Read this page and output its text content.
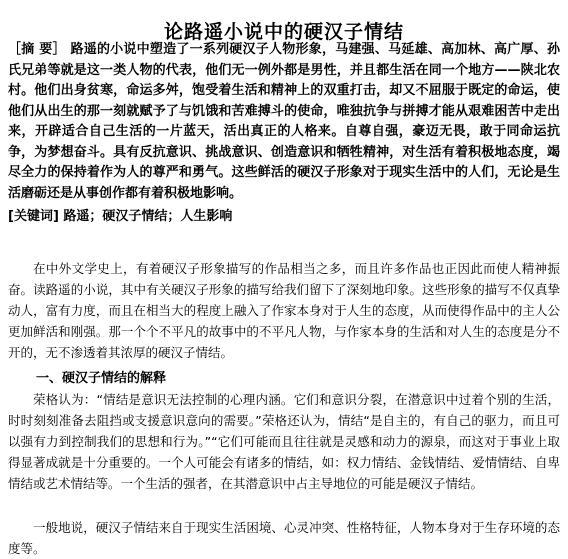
论路遥小说中的硬汉子情结

［摘 要］ 路遥的小说中塑造了一系列硬汉子人物形象，马建强、马延雄、高加林、高广厚、孙氏兄弟等就是这一类人物的代表，他们无一例外都是男性，并且都生活在同一个地方——陕北农村。他们出身贫寒，命运多舛，饱受着生活和精神上的双重打击，却又不屈服于既定的命运，使他们从出生的那一刻就赋予了与饥饿和苦难搏斗的使命，唯独抗争与拼搏才能从艰难困苦中走出来，开辟适合自己生活的一片蓝天，活出真正的人格来。自尊自强，豪迈无畏，敢于同命运抗争，为梦想奋斗。具有反抗意识、挑战意识、创造意识和牺牲精神，对生活有着积极地态度，竭尽全力的保持着作为人的尊严和勇气。这些鲜活的硬汉子形象对于现实生活中的人们，无论是生活磨砺还是从事创作都有着积极地影响。

[关键词] 路遥；硬汉子情结；人生影响

在中外文学史上，有着硬汉子形象描写的作品相当之多，而且许多作品也正因此而使人精神振奋。读路遥的小说，其中有关硬汉子形象的描写给我们留下了深刻地印象。这些形象的描写不仅真挚动人，富有力度，而且在相当大的程度上融入了作家本身对于人生的态度，从而使得作品中的主人公更加鲜活和刚强。那一个个不平凡的故事中的不平凡人物，与作家本身的生活和对人生的态度是分不开的，无不渗透着其浓厚的硬汉子情结。

一、硬汉子情结的解释

荣格认为：“情结是意识无法控制的心理内涵。它们和意识分裂，在潜意识中过着个别的生活，时时刻刻准备去阻挡或支援意识意向的需要。”荣格还认为，情结“是自主的，有自己的驱力，而且可以强有力到控制我们的思想和行为。”“它们可能而且往往就是灵感和动力的源泉，而这对于事业上取得显著成就是十分重要的。一个人可能会有诸多的情结，如：权力情结、金钱情结、爱情情结、自卑情结或艺术情结等。一个生活的强者，在其潜意识中占主导地位的可能是硬汉子情结。

一般地说，硬汉子情结来自于现实生活困境、心灵冲突、性格特征，人物本身对于生存环境的态度等。
